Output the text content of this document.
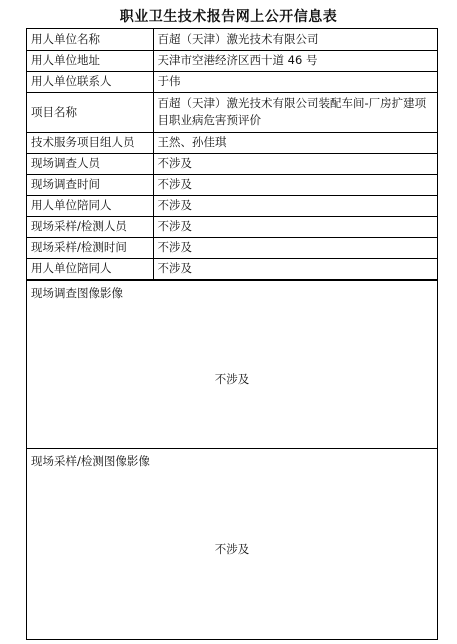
职业卫生技术报告网上公开信息表
用人单位名称	百超（天津）激光技术有限公司
用人单位地址	天津市空港经济区西十道 46 号
用人单位联系人	于伟
项目名称	百超（天津）激光技术有限公司装配车间-厂房扩建项目职业病危害预评价
技术服务项目组人员	王然、孙佳琪
现场调查人员	不涉及
现场调查时间	不涉及
用人单位陪同人	不涉及
现场采样/检测人员	不涉及
现场采样/检测时间	不涉及
用人单位陪同人	不涉及
现场调查图像影像
不涉及
现场采样/检测图像影像
不涉及
